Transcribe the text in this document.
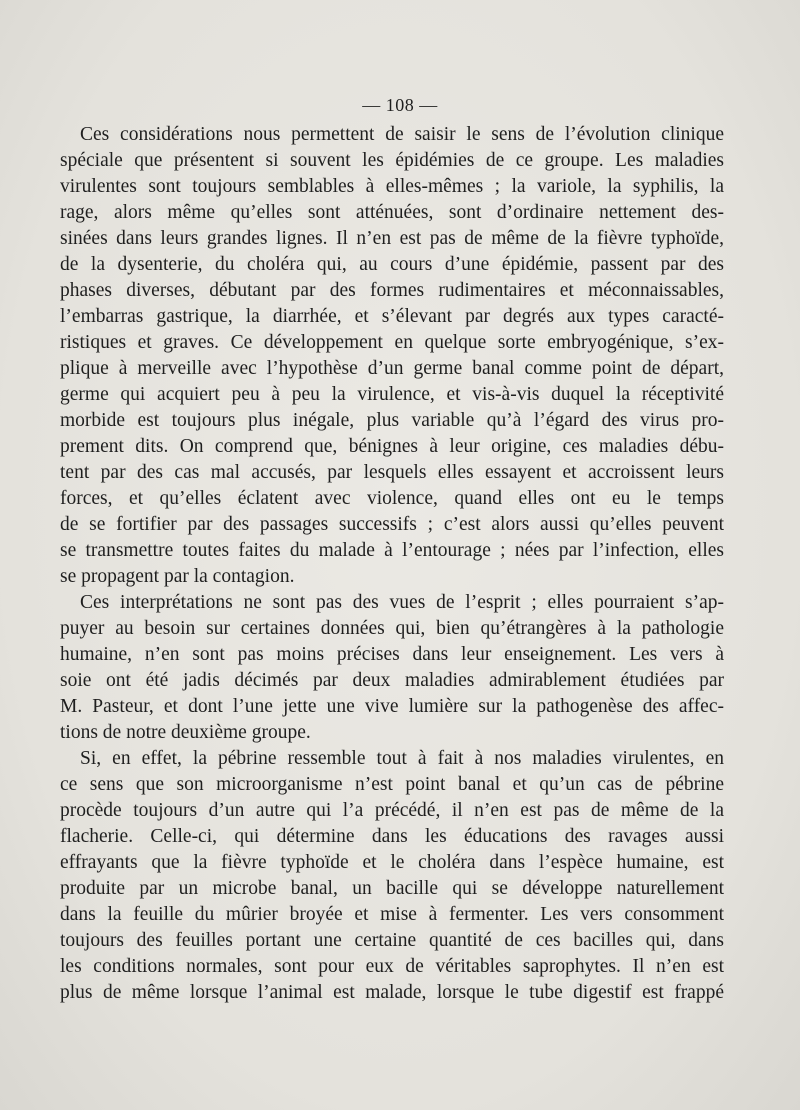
— 108 —
Ces considérations nous permettent de saisir le sens de l’évolution clinique
spéciale que présentent si souvent les épidémies de ce groupe. Les maladies
virulentes sont toujours semblables à elles-mêmes ; la variole, la syphilis, la
rage, alors même qu’elles sont atténuées, sont d’ordinaire nettement des-
sinées dans leurs grandes lignes. Il n’en est pas de même de la fièvre typhoïde,
de la dysenterie, du choléra qui, au cours d’une épidémie, passent par des
phases diverses, débutant par des formes rudimentaires et méconnaissables,
l’embarras gastrique, la diarrhée, et s’élevant par degrés aux types caracté-
ristiques et graves. Ce développement en quelque sorte embryogénique, s’ex-
plique à merveille avec l’hypothèse d’un germe banal comme point de départ,
germe qui acquiert peu à peu la virulence, et vis-à-vis duquel la réceptivité
morbide est toujours plus inégale, plus variable qu’à l’égard des virus pro-
prement dits. On comprend que, bénignes à leur origine, ces maladies débu-
tent par des cas mal accusés, par lesquels elles essayent et accroissent leurs
forces, et qu’elles éclatent avec violence, quand elles ont eu le temps
de se fortifier par des passages successifs ; c’est alors aussi qu’elles peuvent
se transmettre toutes faites du malade à l’entourage ; nées par l’infection, elles
se propagent par la contagion.
Ces interprétations ne sont pas des vues de l’esprit ; elles pourraient s’ap-
puyer au besoin sur certaines données qui, bien qu’étrangères à la pathologie
humaine, n’en sont pas moins précises dans leur enseignement. Les vers à
soie ont été jadis décimés par deux maladies admirablement étudiées par
M. Pasteur, et dont l’une jette une vive lumière sur la pathogenèse des affec-
tions de notre deuxième groupe.
Si, en effet, la pébrine ressemble tout à fait à nos maladies virulentes, en
ce sens que son microorganisme n’est point banal et qu’un cas de pébrine
procède toujours d’un autre qui l’a précédé, il n’en est pas de même de la
flacherie. Celle-ci, qui détermine dans les éducations des ravages aussi
effrayants que la fièvre typhoïde et le choléra dans l’espèce humaine, est
produite par un microbe banal, un bacille qui se développe naturellement
dans la feuille du mûrier broyée et mise à fermenter. Les vers consomment
toujours des feuilles portant une certaine quantité de ces bacilles qui, dans
les conditions normales, sont pour eux de véritables saprophytes. Il n’en est
plus de même lorsque l’animal est malade, lorsque le tube digestif est frappé
